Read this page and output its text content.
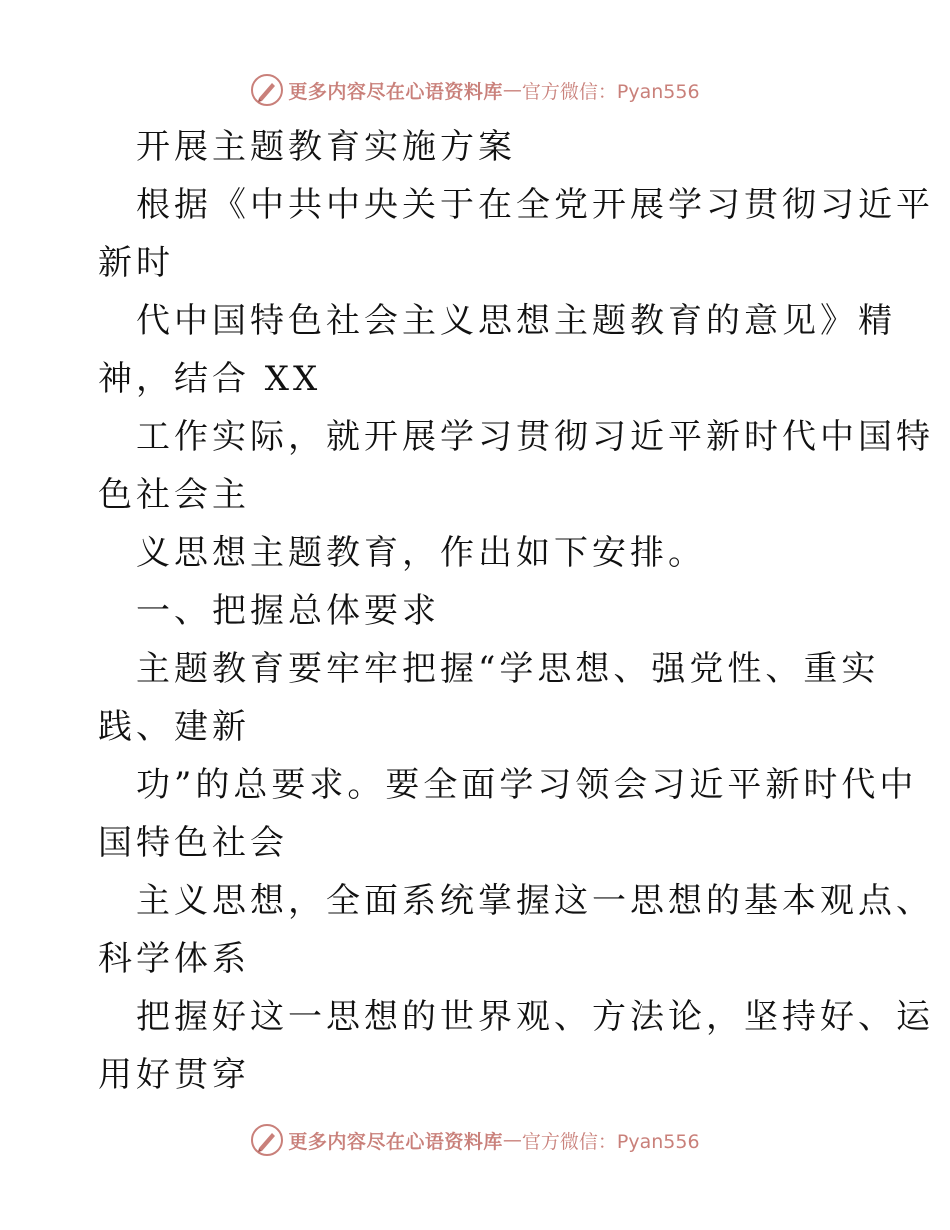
更多内容尽在心语资料库 — 官方微信：Pyan556
开展主题教育实施方案
根据《中共中央关于在全党开展学习贯彻习近平
新时
代中国特色社会主义思想主题教育的意见》精
神，结合 XX
工作实际，就开展学习贯彻习近平新时代中国特
色社会主
义思想主题教育，作出如下安排。
一、把握总体要求
主题教育要牢牢把握“学思想、强党性、重实
践、建新
功”的总要求。要全面学习领会习近平新时代中
国特色社会
主义思想，全面系统掌握这一思想的基本观点、
科学体系
把握好这一思想的世界观、方法论，坚持好、运
用好贯穿
更多内容尽在心语资料库 — 官方微信：Pyan556
